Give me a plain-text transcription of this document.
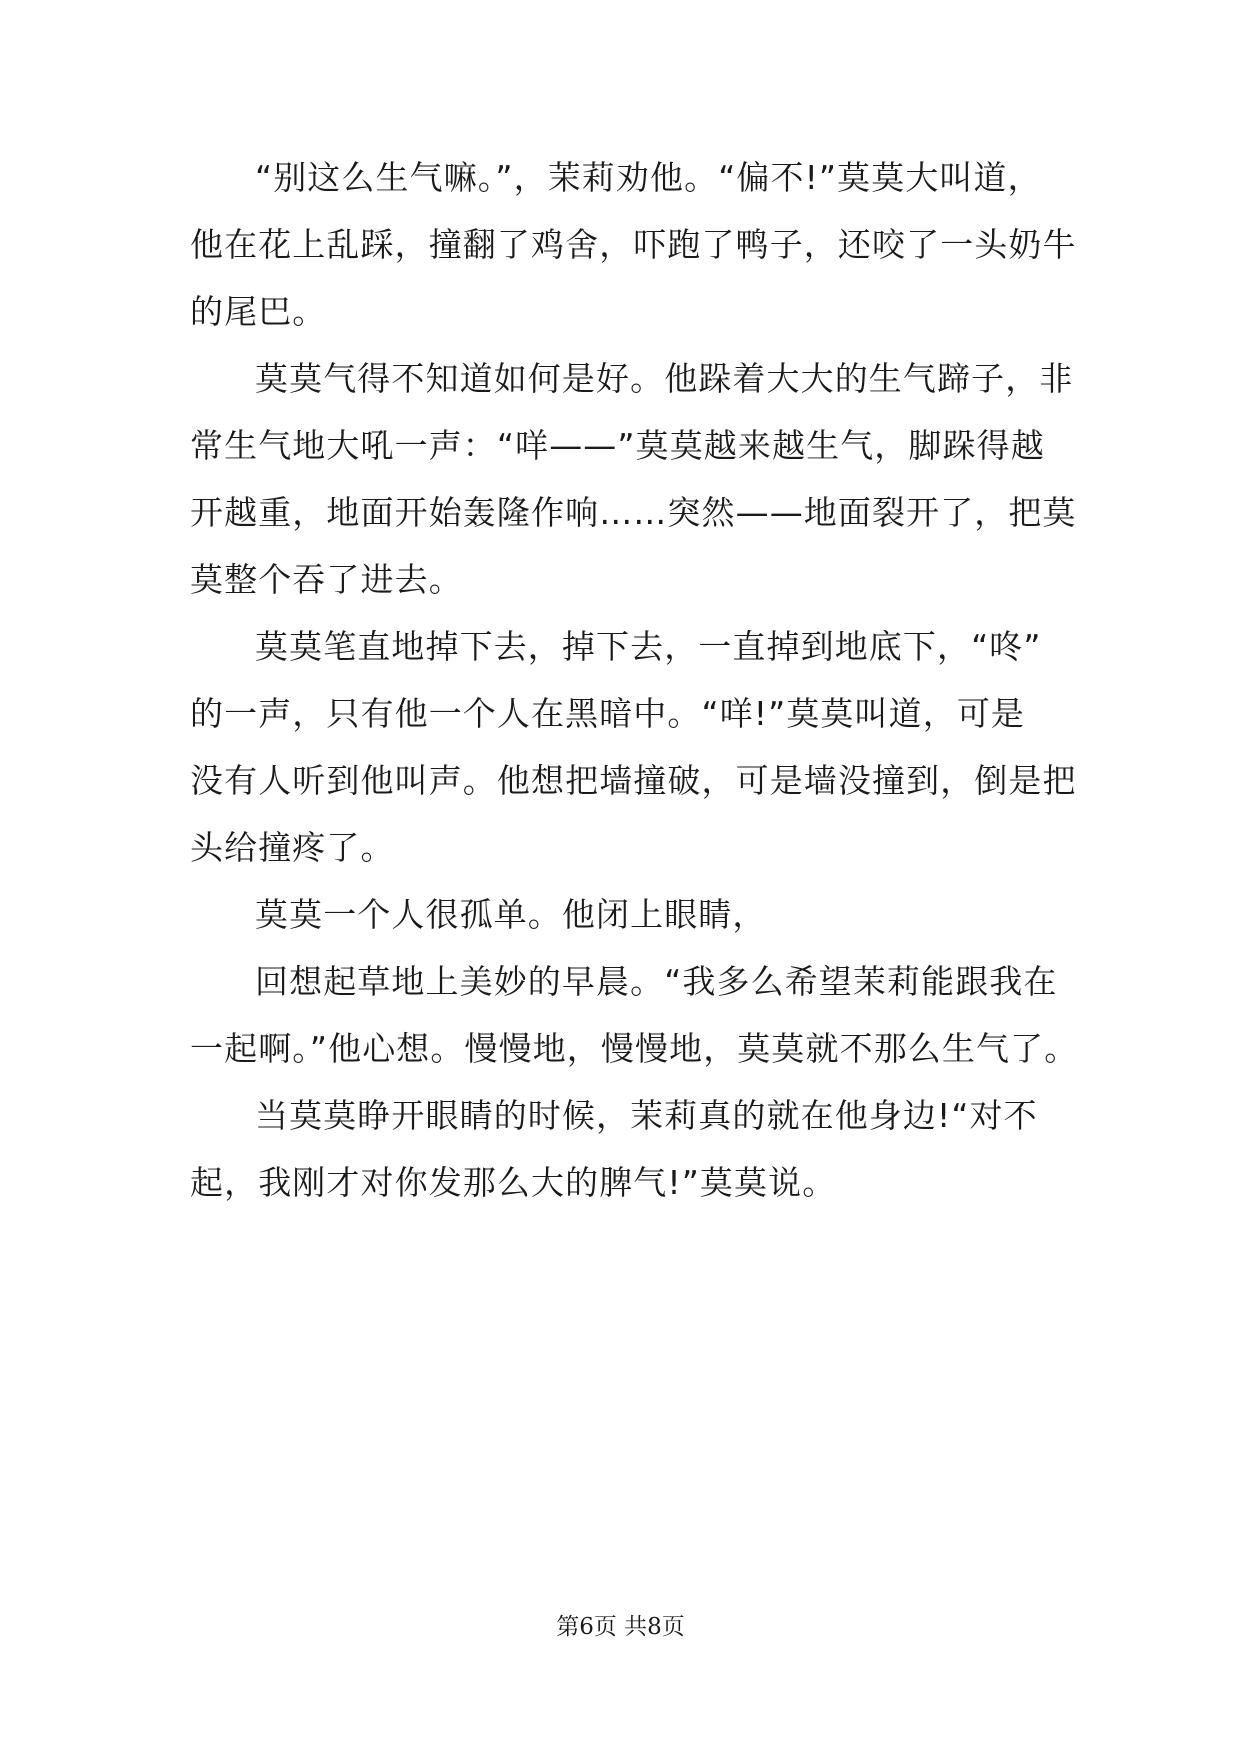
“别这么生气嘛。”，茉莉劝他。“偏不!”莫莫大叫道，

他在花上乱踩，撞翻了鸡舍，吓跑了鸭子，还咬了一头奶牛

的尾巴。

莫莫气得不知道如何是好。他跺着大大的生气蹄子，非

常生气地大吼一声：“咩——”莫莫越来越生气，脚跺得越

开越重，地面开始轰隆作响……突然——地面裂开了，把莫

莫整个吞了进去。

莫莫笔直地掉下去，掉下去，一直掉到地底下，“咚”

的一声，只有他一个人在黑暗中。“咩!”莫莫叫道，可是

没有人听到他叫声。他想把墙撞破，可是墙没撞到，倒是把

头给撞疼了。

莫莫一个人很孤单。他闭上眼睛，

回想起草地上美妙的早晨。“我多么希望茉莉能跟我在

一起啊。”他心想。慢慢地，慢慢地，莫莫就不那么生气了。

当莫莫睁开眼睛的时候，茉莉真的就在他身边!“对不

起，我刚才对你发那么大的脾气!”莫莫说。

第6页 共8页
